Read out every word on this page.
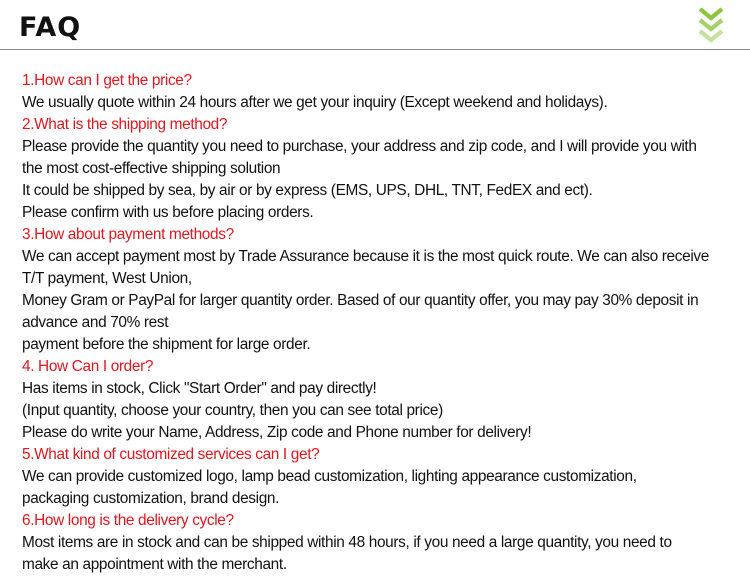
FAQ
1.How can I get the price?
We usually quote within 24 hours after we get your inquiry (Except weekend and holidays).
2.What is the shipping method?
Please provide the quantity you need to purchase, your address and zip code, and I will provide you with
the most cost-effective shipping solution
It could be shipped by sea, by air or by express (EMS, UPS, DHL, TNT, FedEX and ect).
Please confirm with us before placing orders.
3.How about payment methods?
We can accept payment most by Trade Assurance because it is the most quick route. We can also receive
T/T payment, West Union,
Money Gram or PayPal for larger quantity order. Based of our quantity offer, you may pay 30% deposit in
advance and 70% rest
payment before the shipment for large order.
4. How Can I order?
Has items in stock, Click "Start Order" and pay directly!
(Input quantity, choose your country, then you can see total price)
Please do write your Name, Address, Zip code and Phone number for delivery!
5.What kind of customized services can I get?
We can provide customized logo, lamp bead customization, lighting appearance customization,
packaging customization, brand design.
6.How long is the delivery cycle?
Most items are in stock and can be shipped within 48 hours, if you need a large quantity, you need to
make an appointment with the merchant.
